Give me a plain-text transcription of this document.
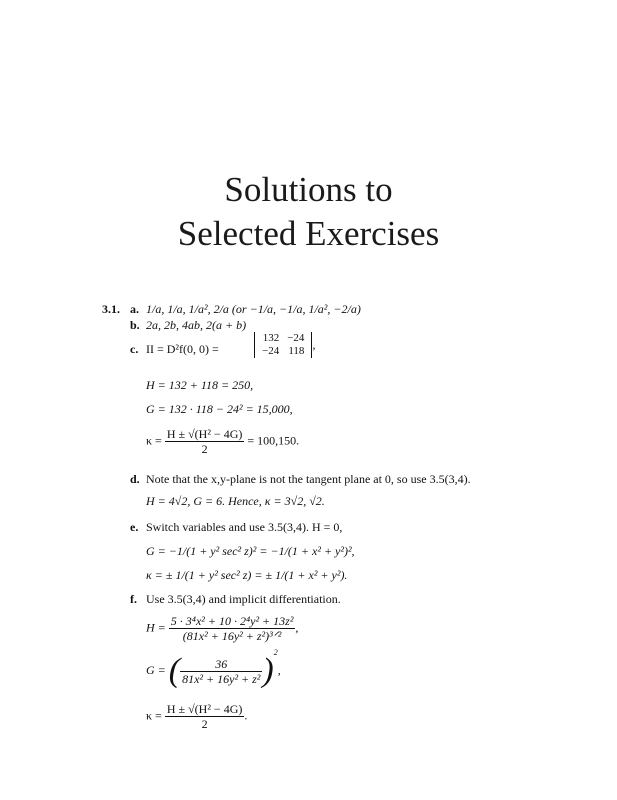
Solutions to
Selected Exercises
3.1. a. 1/a, 1/a, 1/a², 2/a (or −1/a, −1/a, 1/a², −2/a)
b. 2a, 2b, 4ab, 2(a + b)
c. II = D²f(0, 0) =
132	−24
−24	118 ,
H = 132 + 118 = 250,
G = 132 · 118 − 24² = 15,000,
$\kappa = \frac{\text{H ± √(H² − 4G)}}{2} = 100,150$.
d. Note that the x,y-plane is not the tangent plane at 0, so use 3.5(3,4).
H = 4√2, G = 6. Hence, κ = 3√2, √2.
e. Switch variables and use 3.5(3,4). H = 0,
G = −1/(1 + y² sec² z)² = −1/(1 + x² + y²)²,
κ = ± 1/(1 + y² sec² z) = ± 1/(1 + x² + y²).
f. Use 3.5(3,4) and implicit differentiation.
$H = \frac{\text{5 · 3⁴x² + 10 · 2⁴y² + 13z²}}{\text{(81x² + 16y² + z²)³ᐟ²}}$ ,
G = ( $\frac{36}{\text{81x² + 16y² + z²}} )^2$,
$\kappa = \frac{\text{H ± √(H² − 4G)}}{2}$ .
